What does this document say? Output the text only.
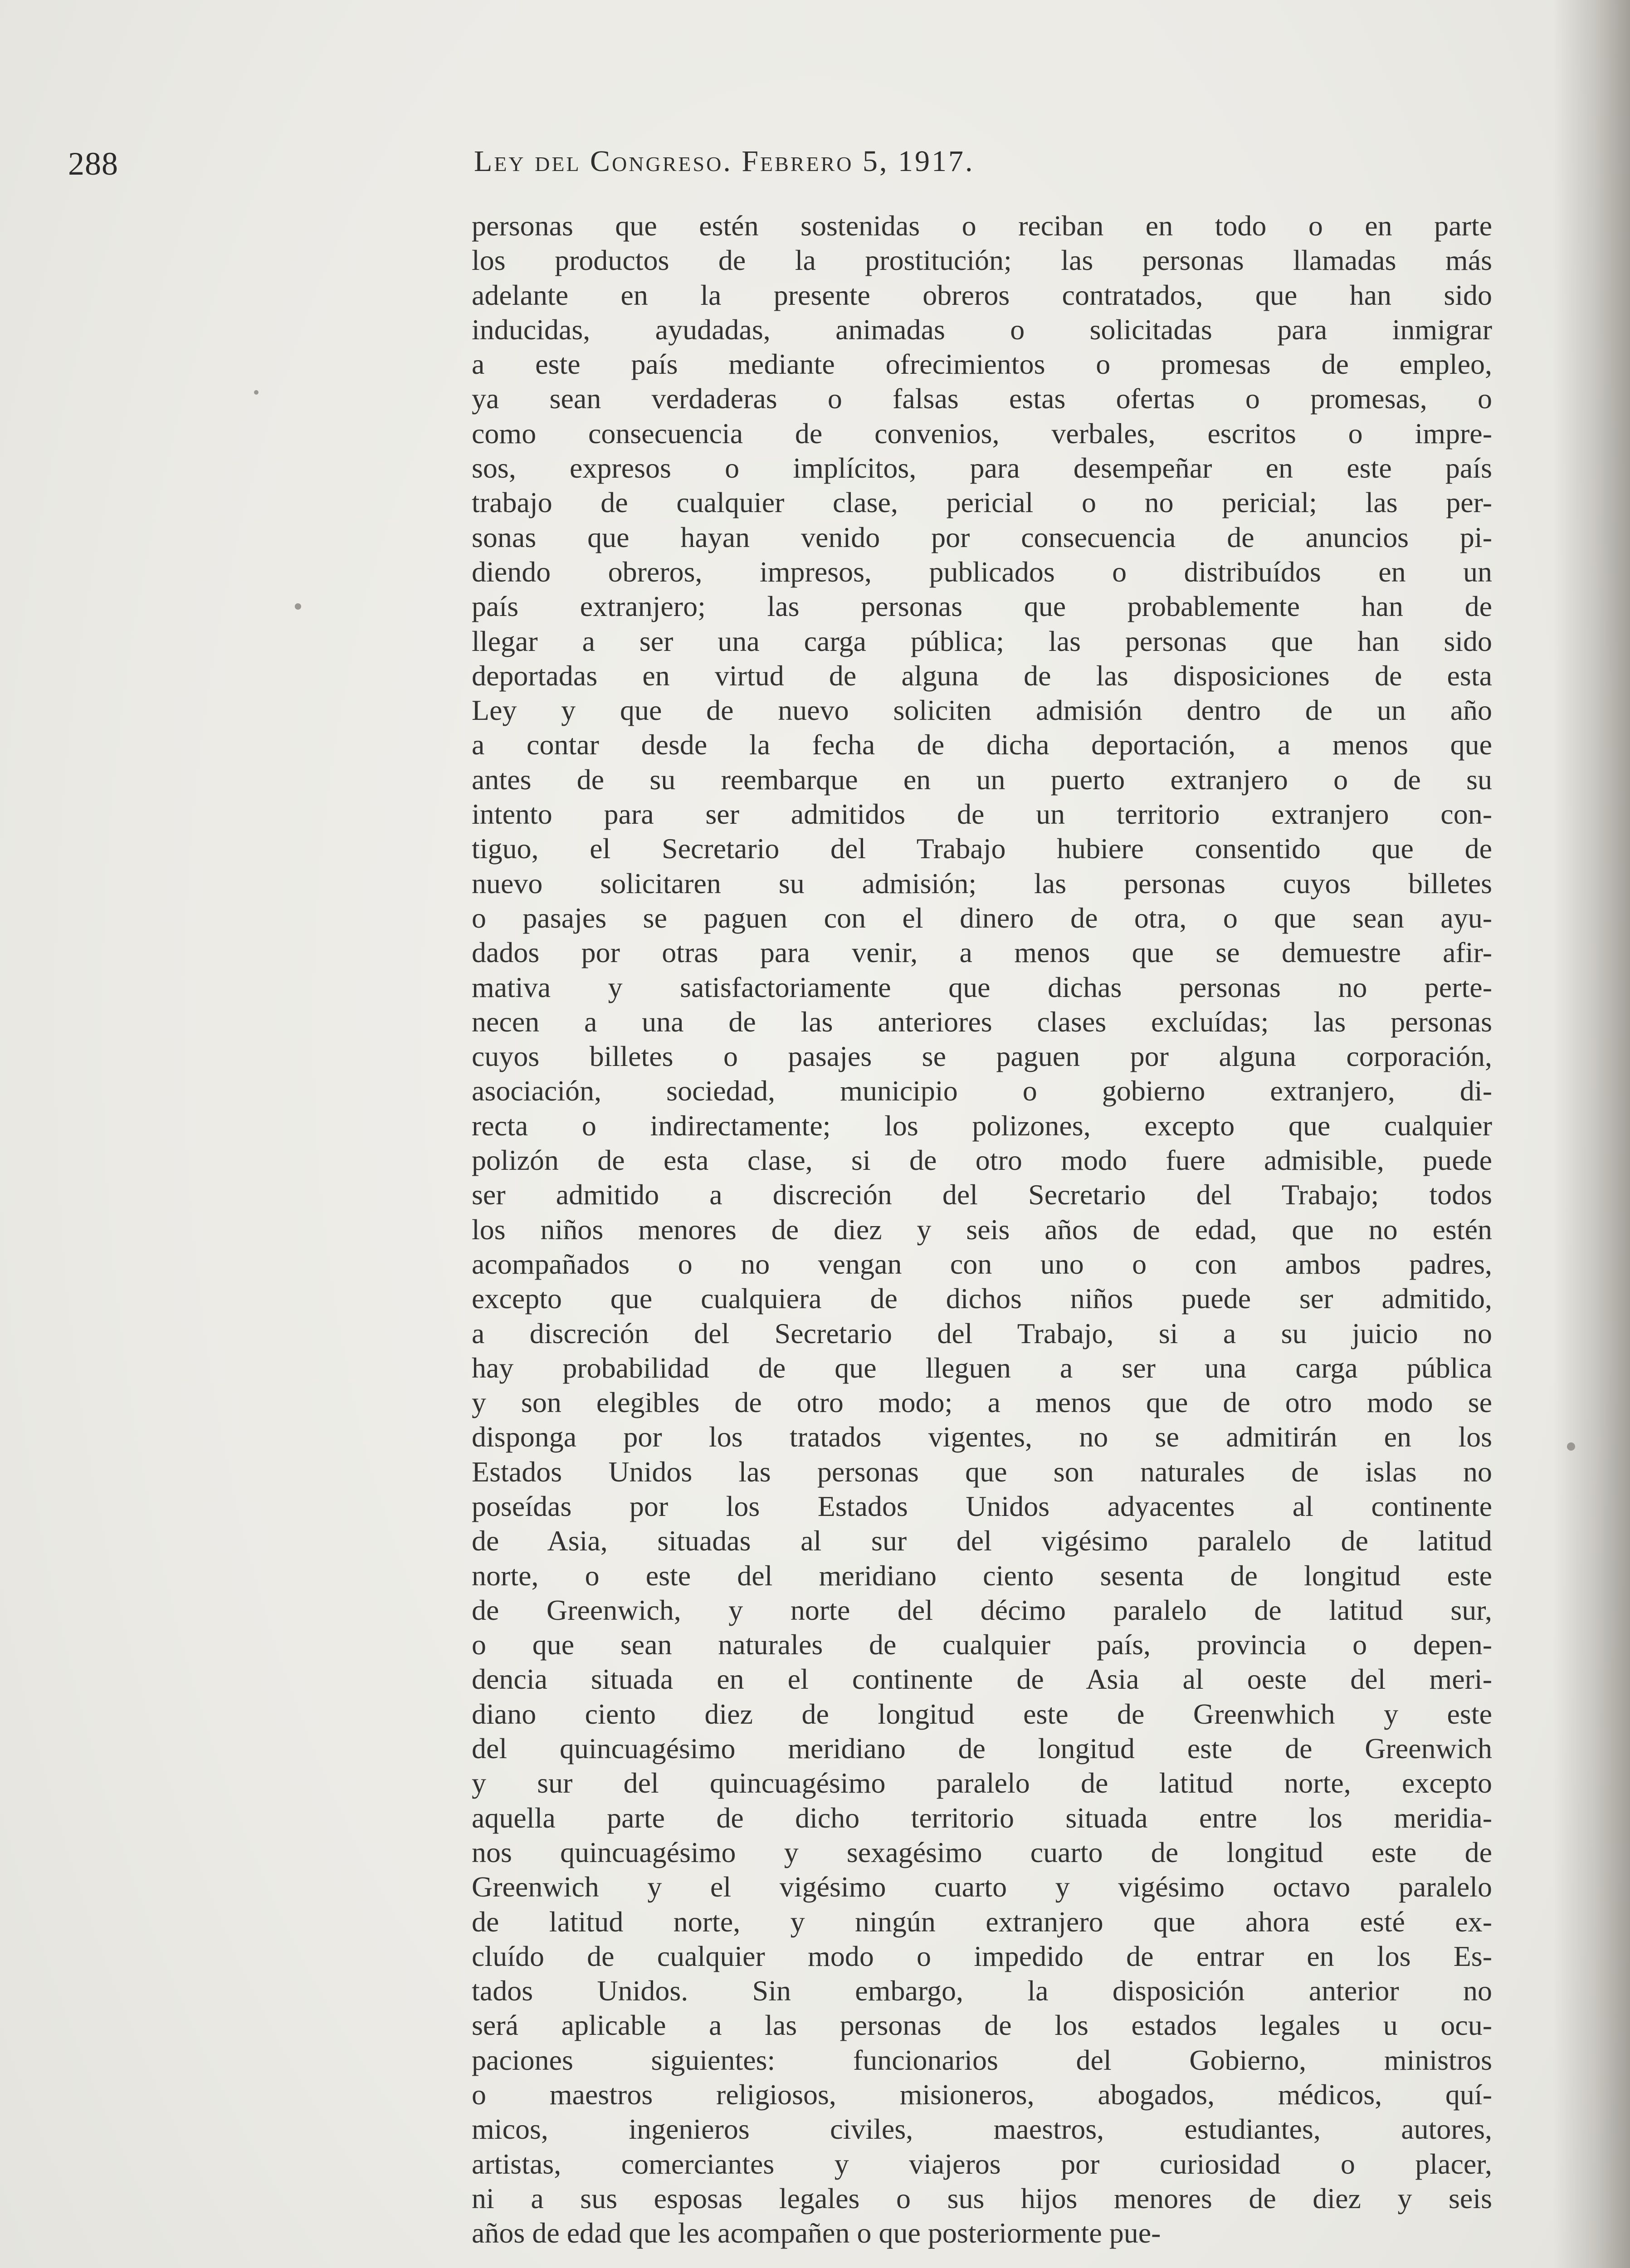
288	Ley del Congreso. Febrero 5, 1917.
personas que estén sostenidas o reciban en todo o en parte
los productos de la prostitución; las personas llamadas más
adelante en la presente obreros contratados, que han sido
inducidas, ayudadas, animadas o solicitadas para inmigrar
a este país mediante ofrecimientos o promesas de empleo,
ya sean verdaderas o falsas estas ofertas o promesas, o
como consecuencia de convenios, verbales, escritos o impre-
sos, expresos o implícitos, para desempeñar en este país
trabajo de cualquier clase, pericial o no pericial; las per-
sonas que hayan venido por consecuencia de anuncios pi-
diendo obreros, impresos, publicados o distribuídos en un
país extranjero; las personas que probablemente han de
llegar a ser una carga pública; las personas que han sido
deportadas en virtud de alguna de las disposiciones de esta
Ley y que de nuevo soliciten admisión dentro de un año
a contar desde la fecha de dicha deportación, a menos que
antes de su reembarque en un puerto extranjero o de su
intento para ser admitidos de un territorio extranjero con-
tiguo, el Secretario del Trabajo hubiere consentido que de
nuevo solicitaren su admisión; las personas cuyos billetes
o pasajes se paguen con el dinero de otra, o que sean ayu-
dados por otras para venir, a menos que se demuestre afir-
mativa y satisfactoriamente que dichas personas no perte-
necen a una de las anteriores clases excluídas; las personas
cuyos billetes o pasajes se paguen por alguna corporación,
asociación, sociedad, municipio o gobierno extranjero, di-
recta o indirectamente; los polizones, excepto que cualquier
polizón de esta clase, si de otro modo fuere admisible, puede
ser admitido a discreción del Secretario del Trabajo; todos
los niños menores de diez y seis años de edad, que no estén
acompañados o no vengan con uno o con ambos padres,
excepto que cualquiera de dichos niños puede ser admitido,
a discreción del Secretario del Trabajo, si a su juicio no
hay probabilidad de que lleguen a ser una carga pública
y son elegibles de otro modo; a menos que de otro modo se
disponga por los tratados vigentes, no se admitirán en los
Estados Unidos las personas que son naturales de islas no
poseídas por los Estados Unidos adyacentes al continente
de Asia, situadas al sur del vigésimo paralelo de latitud
norte, o este del meridiano ciento sesenta de longitud este
de Greenwich, y norte del décimo paralelo de latitud sur,
o que sean naturales de cualquier país, provincia o depen-
dencia situada en el continente de Asia al oeste del meri-
diano ciento diez de longitud este de Greenwhich y este
del quincuagésimo meridiano de longitud este de Greenwich
y sur del quincuagésimo paralelo de latitud norte, excepto
aquella parte de dicho territorio situada entre los meridia-
nos quincuagésimo y sexagésimo cuarto de longitud este de
Greenwich y el vigésimo cuarto y vigésimo octavo paralelo
de latitud norte, y ningún extranjero que ahora esté ex-
cluído de cualquier modo o impedido de entrar en los Es-
tados Unidos. Sin embargo, la disposición anterior no
será aplicable a las personas de los estados legales u ocu-
paciones siguientes: funcionarios del Gobierno, ministros
o maestros religiosos, misioneros, abogados, médicos, quí-
micos, ingenieros civiles, maestros, estudiantes, autores,
artistas, comerciantes y viajeros por curiosidad o placer,
ni a sus esposas legales o sus hijos menores de diez y seis
años de edad que les acompañen o que posteriormente pue-
